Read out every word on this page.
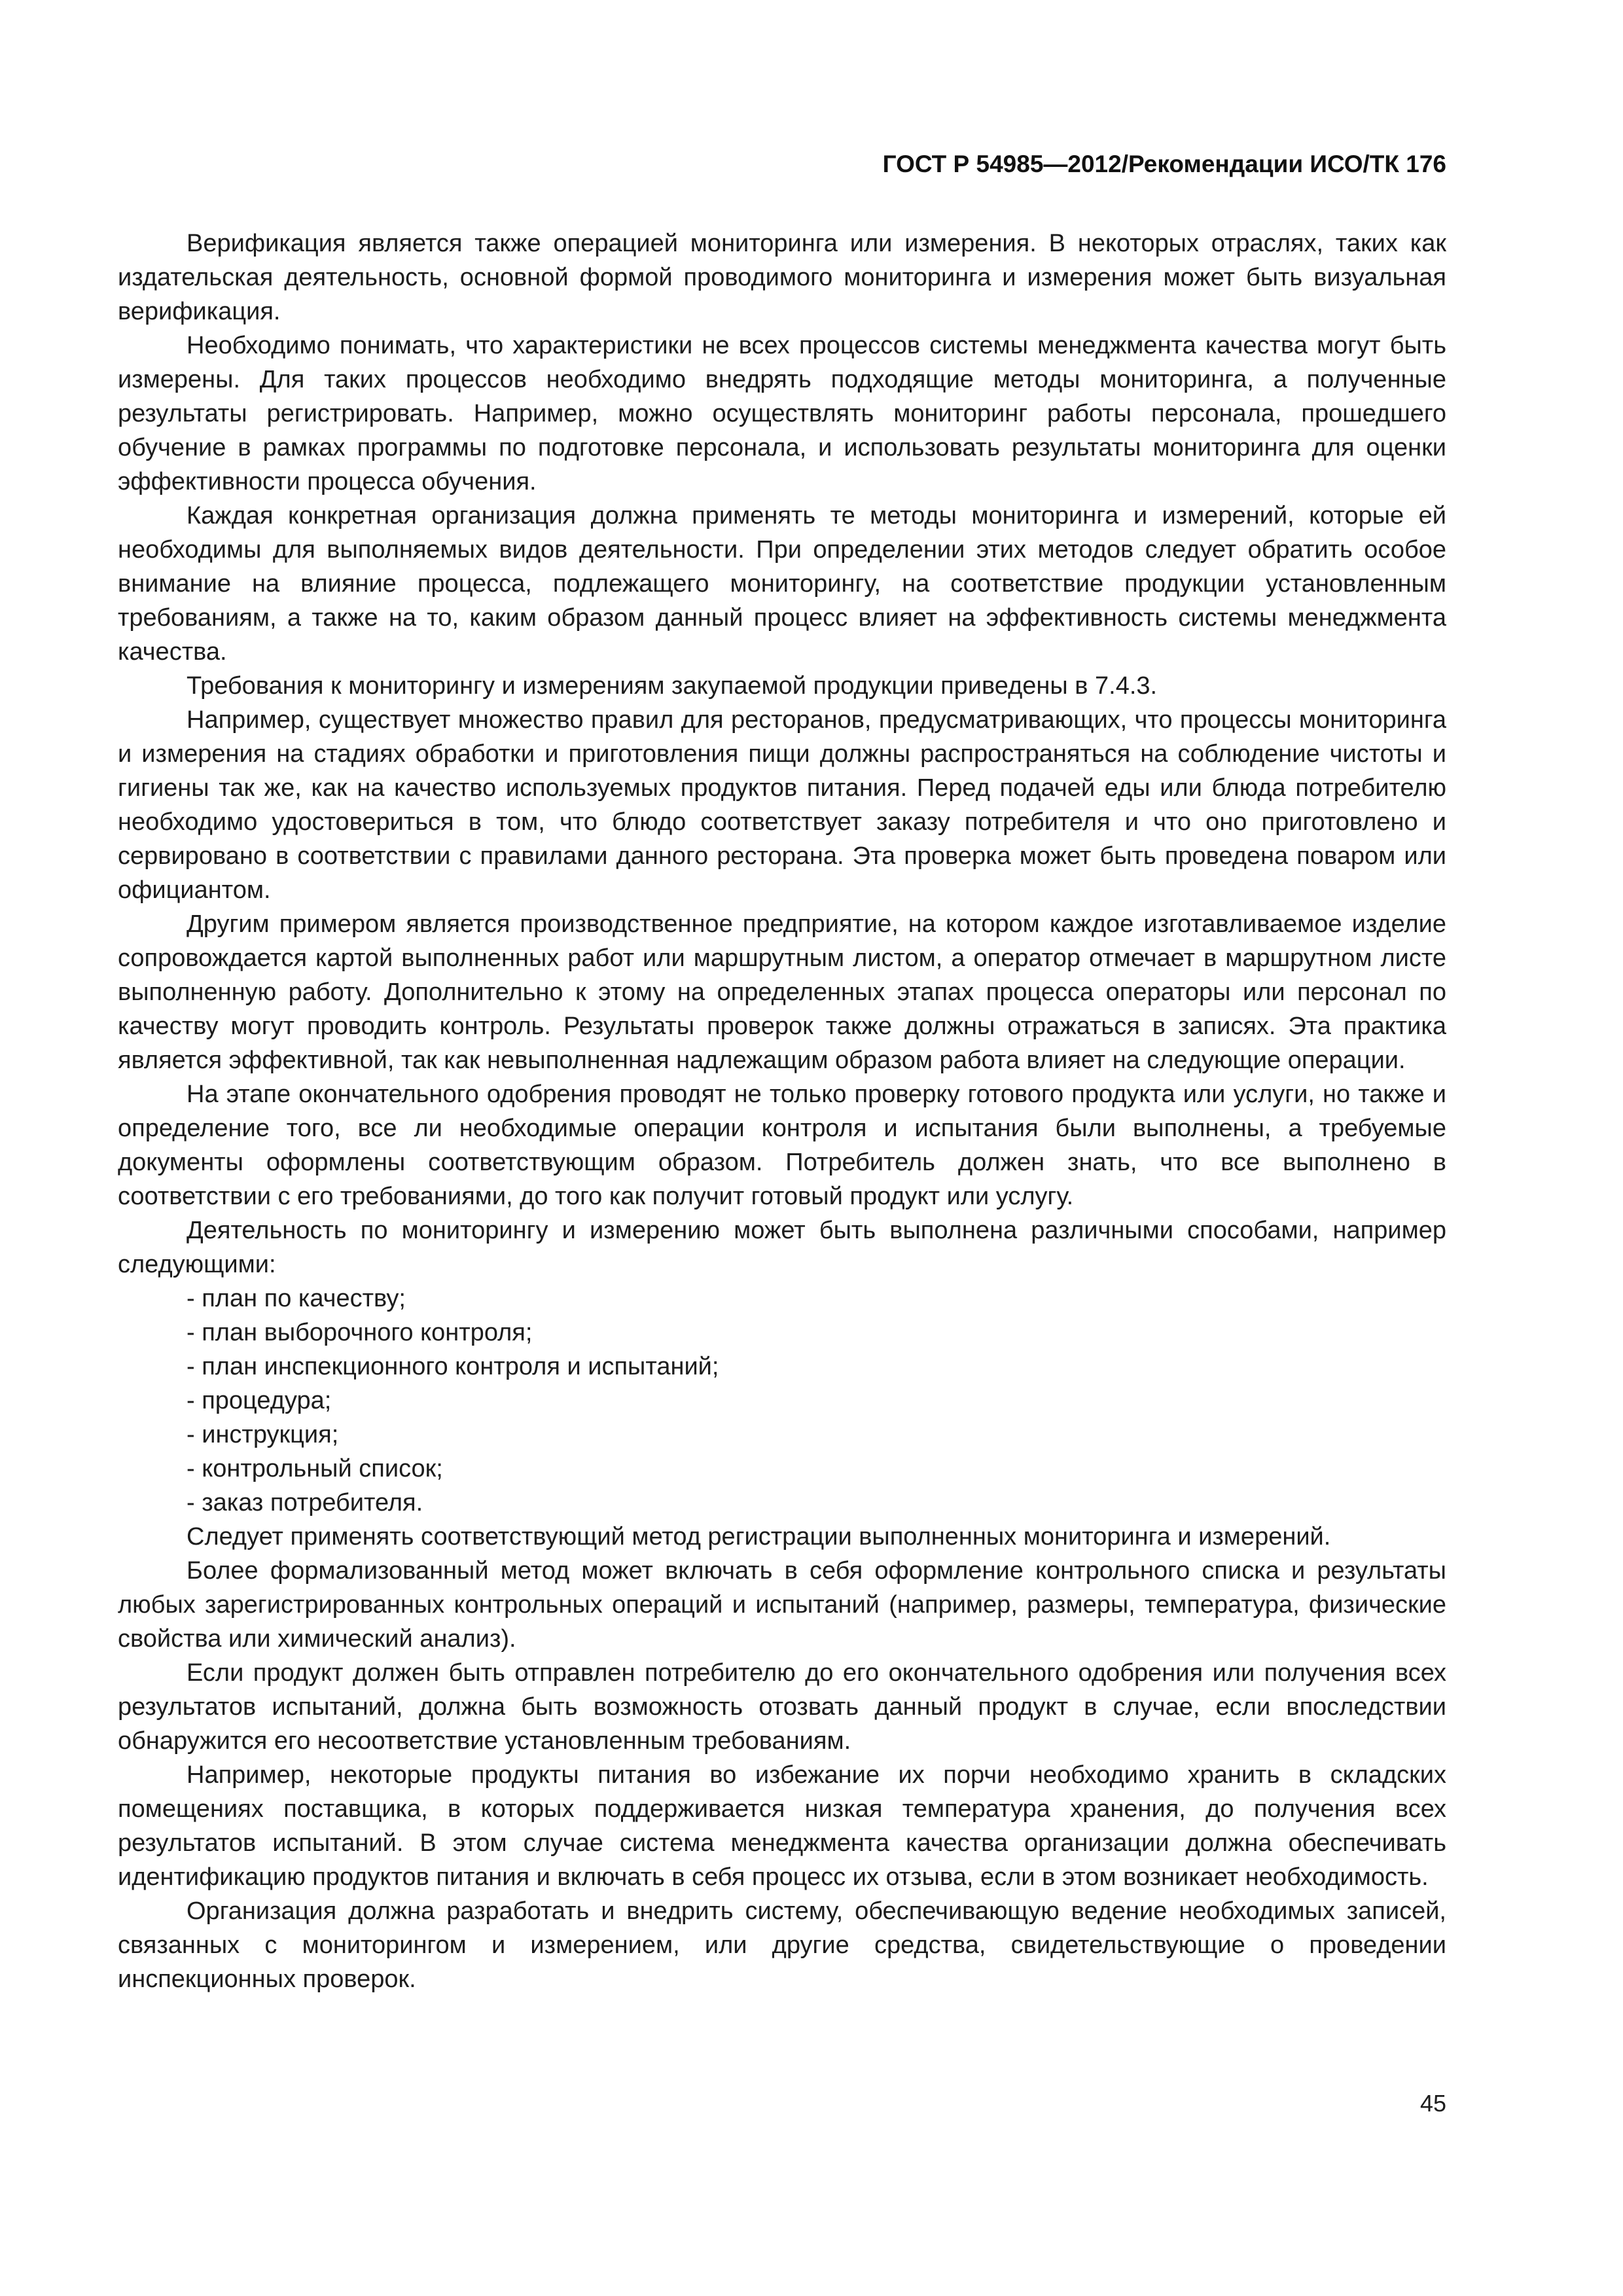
ГОСТ Р 54985—2012/Рекомендации ИСО/ТК 176

Верификация является также операцией мониторинга или измерения. В некоторых отраслях, таких как издательская деятельность, основной формой проводимого мониторинга и измерения может быть визуальная верификация.

Необходимо понимать, что характеристики не всех процессов системы менеджмента качества могут быть измерены. Для таких процессов необходимо внедрять подходящие методы мониторинга, а полученные результаты регистрировать. Например, можно осуществлять мониторинг работы персонала, прошедшего обучение в рамках программы по подготовке персонала, и использовать результаты мониторинга для оценки эффективности процесса обучения.

Каждая конкретная организация должна применять те методы мониторинга и измерений, которые ей необходимы для выполняемых видов деятельности. При определении этих методов следует обратить особое внимание на влияние процесса, подлежащего мониторингу, на соответствие продукции установленным требованиям, а также на то, каким образом данный процесс влияет на эффективность системы менеджмента качества.

Требования к мониторингу и измерениям закупаемой продукции приведены в 7.4.3.

Например, существует множество правил для ресторанов, предусматривающих, что процессы мониторинга и измерения на стадиях обработки и приготовления пищи должны распространяться на соблюдение чистоты и гигиены так же, как на качество используемых продуктов питания. Перед подачей еды или блюда потребителю необходимо удостовериться в том, что блюдо соответствует заказу потребителя и что оно приготовлено и сервировано в соответствии с правилами данного ресторана. Эта проверка может быть проведена поваром или официантом.

Другим примером является производственное предприятие, на котором каждое изготавливаемое изделие сопровождается картой выполненных работ или маршрутным листом, а оператор отмечает в маршрутном листе выполненную работу. Дополнительно к этому на определенных этапах процесса операторы или персонал по качеству могут проводить контроль. Результаты проверок также должны отражаться в записях. Эта практика является эффективной, так как невыполненная надлежащим образом работа влияет на следующие операции.

На этапе окончательного одобрения проводят не только проверку готового продукта или услуги, но также и определение того, все ли необходимые операции контроля и испытания были выполнены, а требуемые документы оформлены соответствующим образом. Потребитель должен знать, что все выполнено в соответствии с его требованиями, до того как получит готовый продукт или услугу.

Деятельность по мониторингу и измерению может быть выполнена различными способами, например следующими:

- план по качеству;
- план выборочного контроля;
- план инспекционного контроля и испытаний;
- процедура;
- инструкция;
- контрольный список;
- заказ потребителя.

Следует применять соответствующий метод регистрации выполненных мониторинга и измерений.

Более формализованный метод может включать в себя оформление контрольного списка и результаты любых зарегистрированных контрольных операций и испытаний (например, размеры, температура, физические свойства или химический анализ).

Если продукт должен быть отправлен потребителю до его окончательного одобрения или получения всех результатов испытаний, должна быть возможность отозвать данный продукт в случае, если впоследствии обнаружится его несоответствие установленным требованиям.

Например, некоторые продукты питания во избежание их порчи необходимо хранить в складских помещениях поставщика, в которых поддерживается низкая температура хранения, до получения всех результатов испытаний. В этом случае система менеджмента качества организации должна обеспечивать идентификацию продуктов питания и включать в себя процесс их отзыва, если в этом возникает необходимость.

Организация должна разработать и внедрить систему, обеспечивающую ведение необходимых записей, связанных с мониторингом и измерением, или другие средства, свидетельствующие о проведении инспекционных проверок.

45
